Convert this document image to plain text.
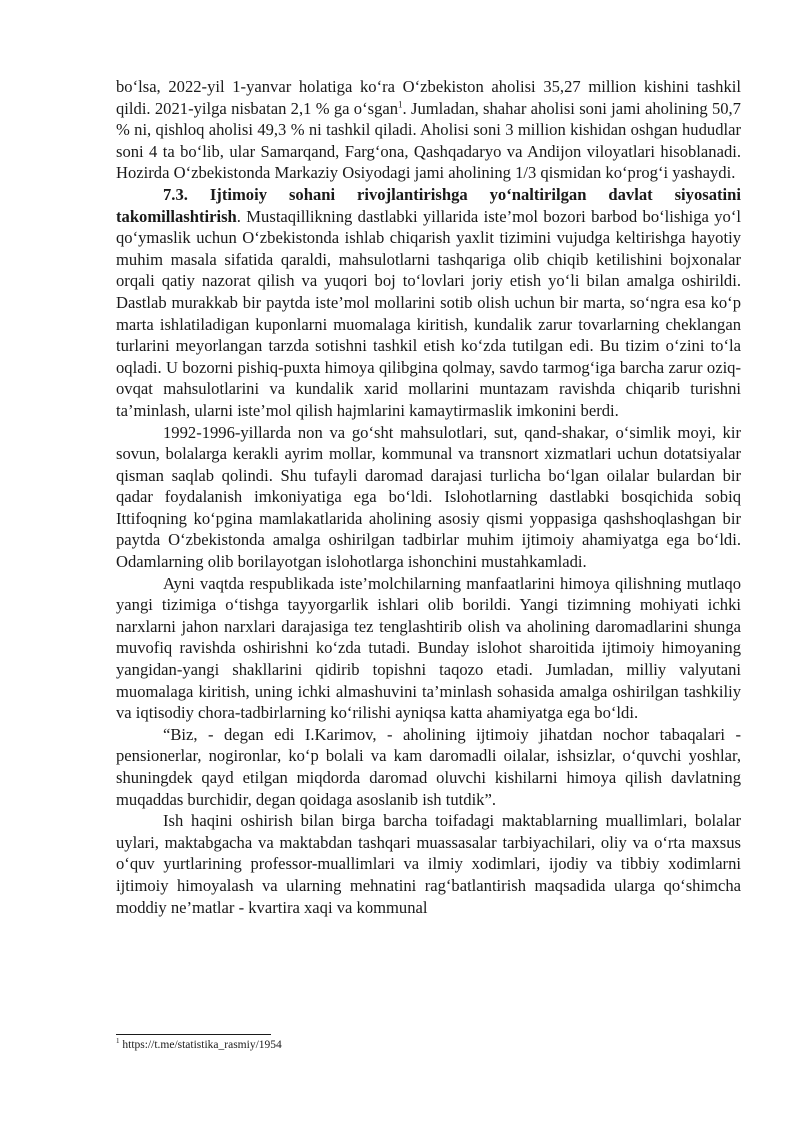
bo‘lsa, 2022-yil 1-yanvar holatiga ko‘ra O‘zbekiston aholisi 35,27 million kishini tashkil qildi. 2021-yilga nisbatan 2,1 % ga o‘sgan$^1$. Jumladan, shahar aholisi soni jami aholining 50,7 % ni, qishloq aholisi 49,3 % ni tashkil qiladi. Aholisi soni 3 million kishidan oshgan hududlar soni 4 ta bo‘lib, ular Samarqand, Farg‘ona, Qashqadaryo va Andijon viloyatlari hisoblanadi. Hozirda O‘zbekistonda Markaziy Osiyodagi jami aholining 1/3 qismidan ko‘prog‘i yashaydi.

7.3. Ijtimoiy sohani rivojlantirishga yo‘naltirilgan davlat siyosatini takomillashtirish. Mustaqillikning dastlabki yillarida iste’mol bozori barbod bo‘lishiga yo‘l qo‘ymaslik uchun O‘zbekistonda ishlab chiqarish yaxlit tizimini vujudga keltirishga hayotiy muhim masala sifatida qaraldi, mahsulotlarni tashqariga olib chiqib ketilishini bojxonalar orqali qatiy nazorat qilish va yuqori boj to‘lovlari joriy etish yo‘li bilan amalga oshirildi. Dastlab murakkab bir paytda iste’mol mollarini sotib olish uchun bir marta, so‘ngra esa ko‘p marta ishlatiladigan kuponlarni muomalaga kiritish, kundalik zarur tovarlarning cheklangan turlarini meyorlangan tarzda sotishni tashkil etish ko‘zda tutilgan edi. Bu tizim o‘zini to‘la oqladi. U bozorni pishiq-puxta himoya qilibgina qolmay, savdo tarmog‘iga barcha zarur oziq-ovqat mahsulotlarini va kundalik xarid mollarini muntazam ravishda chiqarib turishni ta’minlash, ularni iste’mol qilish hajmlarini kamaytirmaslik imkonini berdi.

1992-1996-yillarda non va go‘sht mahsulotlari, sut, qand-shakar, o‘simlik moyi, kir sovun, bolalarga kerakli ayrim mollar, kommunal va transnort xizmatlari uchun dotatsiyalar qisman saqlab qolindi. Shu tufayli daromad darajasi turlicha bo‘lgan oilalar bulardan bir qadar foydalanish imkoniyatiga ega bo‘ldi. Islohotlarning dastlabki bosqichida sobiq Ittifoqning ko‘pgina mamlakatlarida aholining asosiy qismi yoppasiga qashshoqlashgan bir paytda O‘zbekistonda amalga oshirilgan tadbirlar muhim ijtimoiy ahamiyatga ega bo‘ldi. Odamlarning olib borilayotgan islohotlarga ishonchini mustahkamladi.

Ayni vaqtda respublikada iste’molchilarning manfaatlarini himoya qilishning mutlaqo yangi tizimiga o‘tishga tayyorgarlik ishlari olib borildi. Yangi tizimning mohiyati ichki narxlarni jahon narxlari darajasiga tez tenglashtirib olish va aholining daromadlarini shunga muvofiq ravishda oshirishni ko‘zda tutadi. Bunday islohot sharoitida ijtimoiy himoyaning yangidan-yangi shakllarini qidirib topishni taqozo etadi. Jumladan, milliy valyutani muomalaga kiritish, uning ichki almashuvini ta’minlash sohasida amalga oshirilgan tashkiliy va iqtisodiy chora-tadbirlarning ko‘rilishi ayniqsa katta ahamiyatga ega bo‘ldi.

“Biz, - degan edi I.Karimov, - aholining ijtimoiy jihatdan nochor tabaqalari - pensionerlar, nogironlar, ko‘p bolali va kam daromadli oilalar, ishsizlar, o‘quvchi yoshlar, shuningdek qayd etilgan miqdorda daromad oluvchi kishilarni himoya qilish davlatning muqaddas burchidir, degan qoidaga asoslanib ish tutdik”.

Ish haqini oshirish bilan birga barcha toifadagi maktablarning muallimlari, bolalar uylari, maktabgacha va maktabdan tashqari muassasalar tarbiyachilari, oliy va o‘rta maxsus o‘quv yurtlarining professor-muallimlari va ilmiy xodimlari, ijodiy va tibbiy xodimlarni ijtimoiy himoyalash va ularning mehnatini rag‘batlantirish maqsadida ularga qo‘shimcha moddiy ne’matlar - kvartira xaqi va kommunal

$^1$ https://t.me/statistika_rasmiy/1954
